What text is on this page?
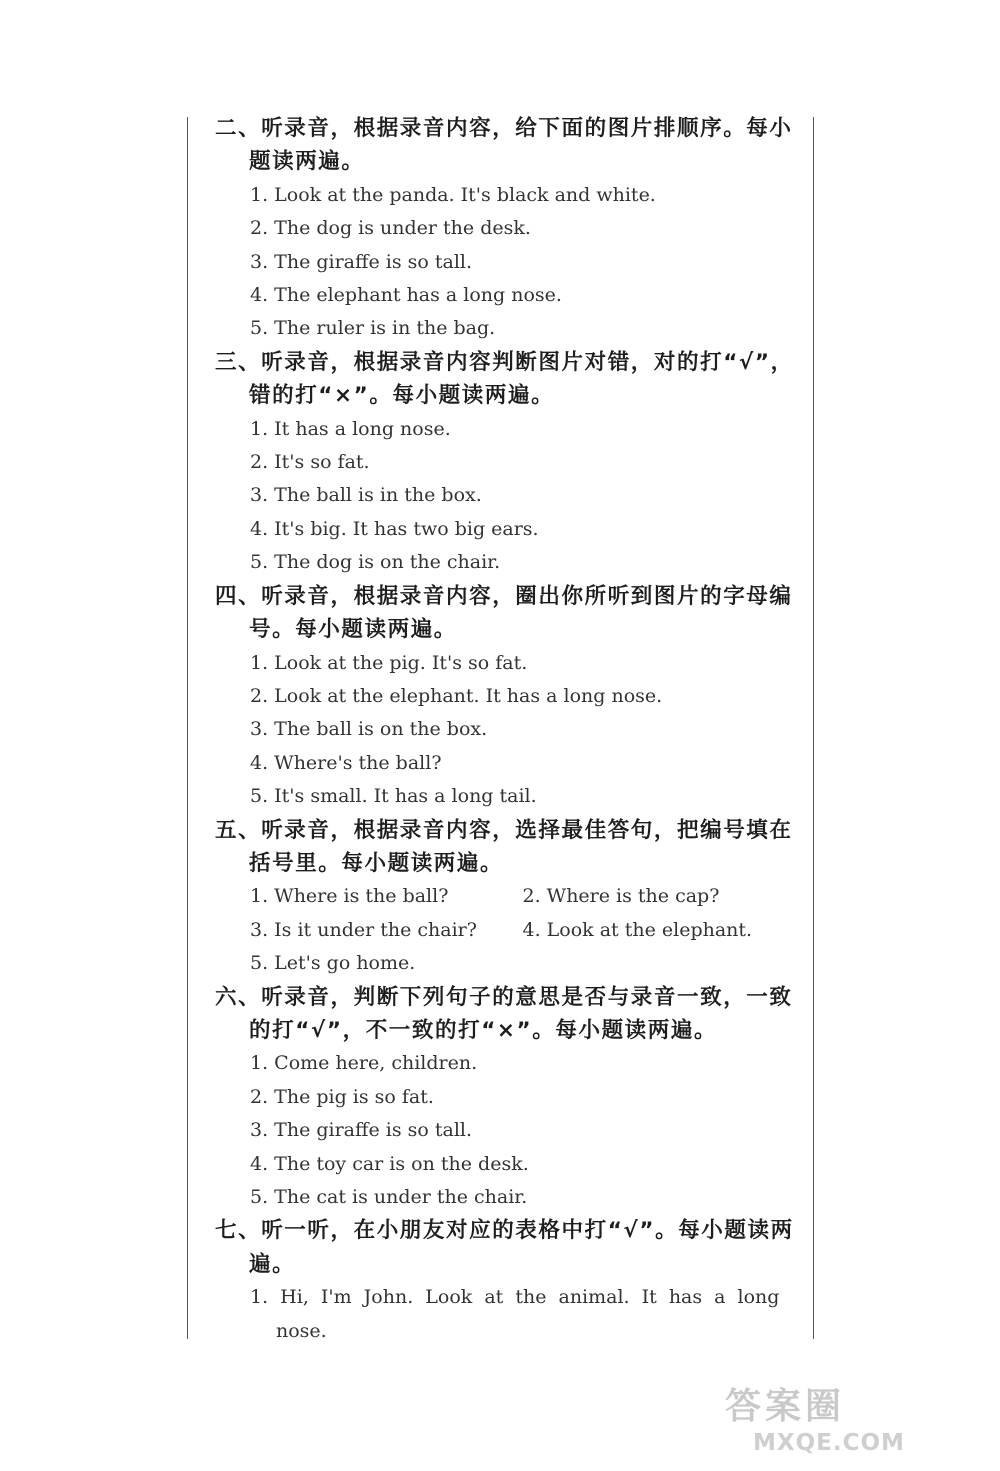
二、听录音，根据录音内容，给下面的图片排顺序。每小题读两遍。
1. Look at the panda. It's black and white.
2. The dog is under the desk.
3. The giraffe is so tall.
4. The elephant has a long nose.
5. The ruler is in the bag.
三、听录音，根据录音内容判断图片对错，对的打“√”，错的打“×”。每小题读两遍。
1. It has a long nose.
2. It's so fat.
3. The ball is in the box.
4. It's big. It has two big ears.
5. The dog is on the chair.
四、听录音，根据录音内容，圈出你所听到图片的字母编号。每小题读两遍。
1. Look at the pig. It's so fat.
2. Look at the elephant. It has a long nose.
3. The ball is on the box.
4. Where's the ball?
5. It's small. It has a long tail.
五、听录音，根据录音内容，选择最佳答句，把编号填在括号里。每小题读两遍。
1. Where is the ball?	2. Where is the cap?
3. Is it under the chair?	4. Look at the elephant.
5. Let's go home.
六、听录音，判断下列句子的意思是否与录音一致，一致的打“√”，不一致的打“×”。每小题读两遍。
1. Come here, children.
2. The pig is so fat.
3. The giraffe is so tall.
4. The toy car is on the desk.
5. The cat is under the chair.
七、听一听，在小朋友对应的表格中打“√”。每小题读两遍。
1. Hi, I'm John. Look at the animal. It has a long
nose.
答案圈
MXQE.COM
